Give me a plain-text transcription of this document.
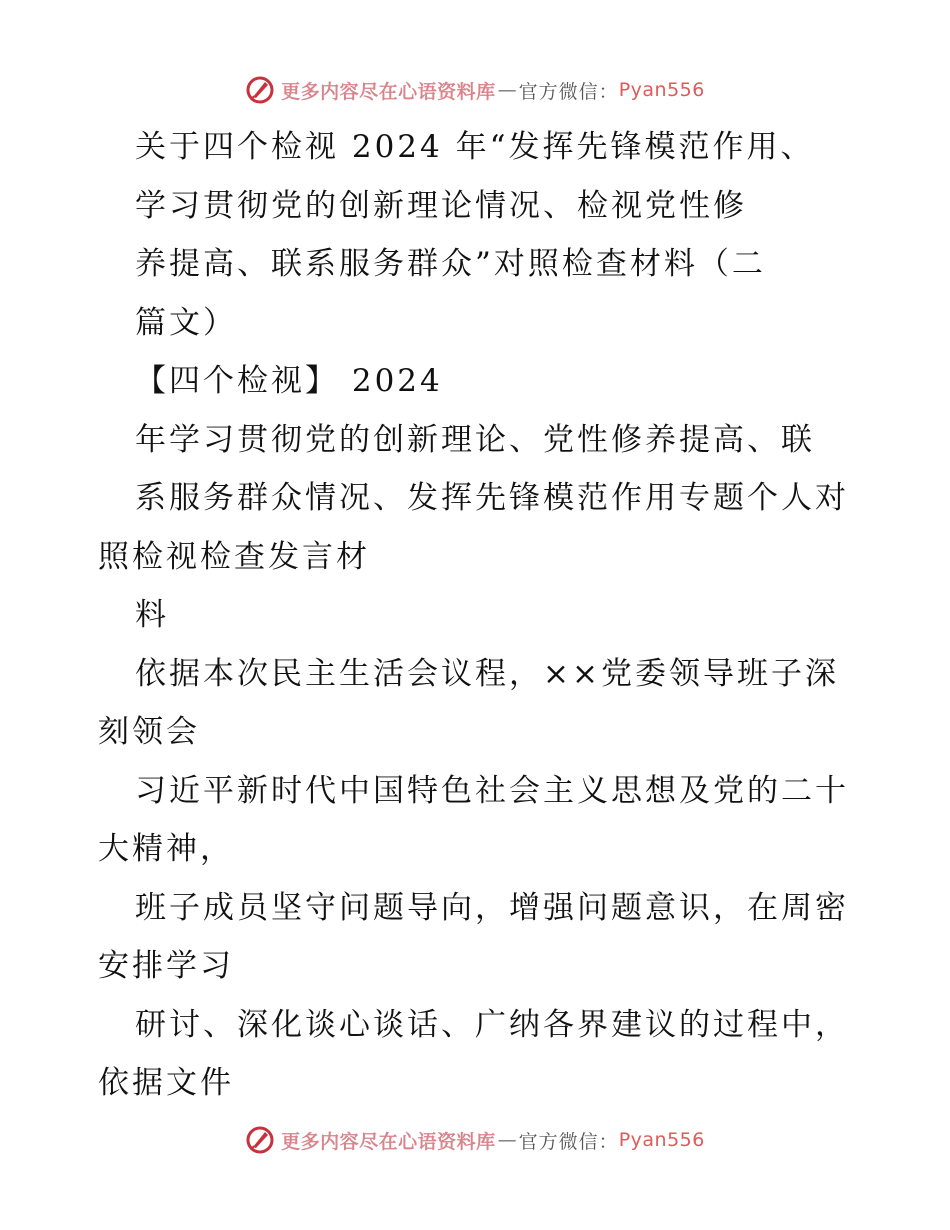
更多内容尽在心语资料库 — 官方微信： Pyan556
关于四个检视 2024 年“发挥先锋模范作用、
学习贯彻党的创新理论情况、检视党性修
养提高、联系服务群众”对照检查材料（二
篇文）
【四个检视】 2024
年学习贯彻党的创新理论、党性修养提高、联
系服务群众情况、发挥先锋模范作用专题个人对
照检视检查发言材
料
依据本次民主生活会议程，××党委领导班子深
刻领会
习近平新时代中国特色社会主义思想及党的二十
大精神，
班子成员坚守问题导向，增强问题意识，在周密
安排学习
研讨、深化谈心谈话、广纳各界建议的过程中，
依据文件
更多内容尽在心语资料库 — 官方微信： Pyan556
